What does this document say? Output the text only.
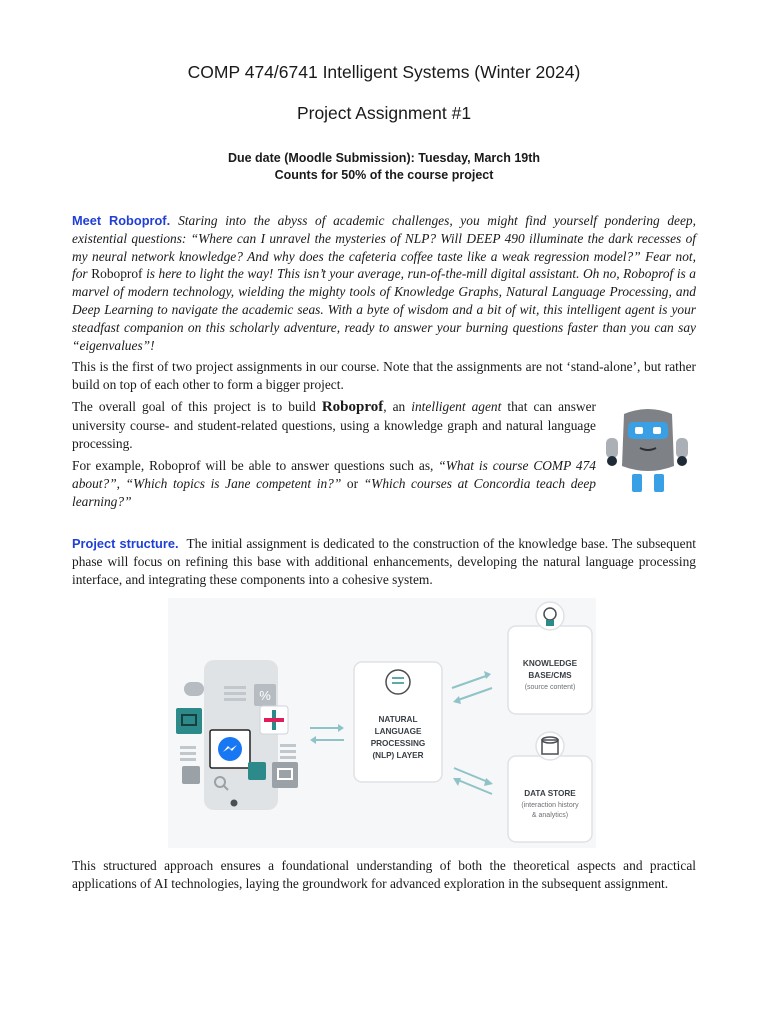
COMP 474/6741 Intelligent Systems (Winter 2024)
Project Assignment #1
Due date (Moodle Submission): Tuesday, March 19th
Counts for 50% of the course project
Meet Roboprof. Staring into the abyss of academic challenges, you might find yourself pondering deep, existential questions: “Where can I unravel the mysteries of NLP? Will DEEP 490 illuminate the dark recesses of my neural network knowledge? And why does the cafeteria coffee taste like a weak regression model?” Fear not, for Roboprof is here to light the way! This isn’t your average, run-of-the-mill digital assistant. Oh no, Roboprof is a marvel of modern technology, wielding the mighty tools of Knowledge Graphs, Natural Language Processing, and Deep Learning to navigate the academic seas. With a byte of wisdom and a bit of wit, this intelligent agent is your steadfast companion on this scholarly adventure, ready to answer your burning questions faster than you can say “eigenvalues”!
This is the first of two project assignments in our course. Note that the assignments are not ‘stand-alone’, but rather build on top of each other to form a bigger project.
The overall goal of this project is to build Roboprof, an intelligent agent that can answer university course- and student-related questions, using a knowledge graph and natural language processing.
For example, Roboprof will be able to answer questions such as, “What is course COMP 474 about?”, “Which topics is Jane competent in?” or “Which courses at Concordia teach deep learning?”
Project structure. The initial assignment is dedicated to the construction of the knowledge base. The subsequent phase will focus on refining this base with additional enhancements, developing the natural language processing interface, and integrating these components into a cohesive system.
%
NATURAL
LANGUAGE
PROCESSING
(NLP) LAYER
KNOWLEDGE
BASE/CMS
(source content)
DATA STORE
(interaction history
& analytics)
This structured approach ensures a foundational understanding of both the theoretical aspects and practical applications of AI technologies, laying the groundwork for advanced exploration in the subsequent assignment.
